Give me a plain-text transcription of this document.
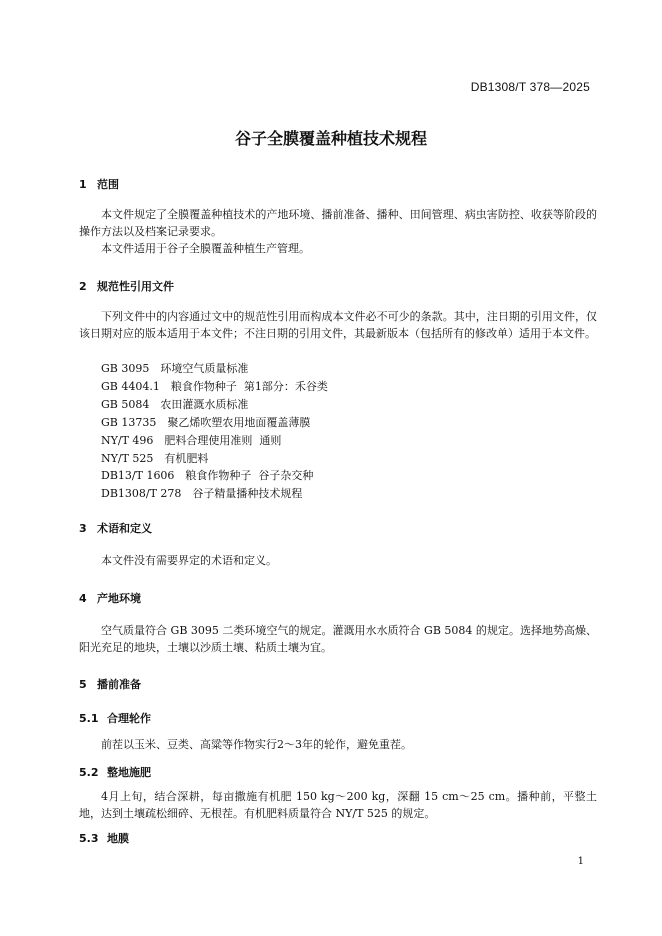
DB1308/T 378—2025
谷子全膜覆盖种植技术规程
1 范围
本文件规定了全膜覆盖种植技术的产地环境、播前准备、播种、田间管理、病虫害防控、收获等阶段的操作方法以及档案记录要求。
本文件适用于谷子全膜覆盖种植生产管理。
2 规范性引用文件
下列文件中的内容通过文中的规范性引用而构成本文件必不可少的条款。其中，注日期的引用文件，仅该日期对应的版本适用于本文件；不注日期的引用文件，其最新版本（包括所有的修改单）适用于本文件。
GB 3095　环境空气质量标准
GB 4404.1　粮食作物种子  第1部分：禾谷类
GB 5084　农田灌溉水质标准
GB 13735　聚乙烯吹塑农用地面覆盖薄膜
NY/T 496　肥料合理使用准则  通则
NY/T 525　有机肥料
DB13/T 1606　粮食作物种子  谷子杂交种
DB1308/T 278　谷子精量播种技术规程
3 术语和定义
本文件没有需要界定的术语和定义。
4 产地环境
空气质量符合 GB 3095 二类环境空气的规定。灌溉用水水质符合 GB 5084 的规定。选择地势高燥、阳光充足的地块，土壤以沙质土壤、粘质土壤为宜。
5 播前准备
5.1 合理轮作
前茬以玉米、豆类、高粱等作物实行2～3年的轮作，避免重茬。
5.2 整地施肥
4月上旬，结合深耕，每亩撒施有机肥 150 kg～200 kg，深翻 15 cm～25 cm。播种前，平整土地，达到土壤疏松细碎、无根茬。有机肥料质量符合 NY/T 525 的规定。
5.3 地膜
1
